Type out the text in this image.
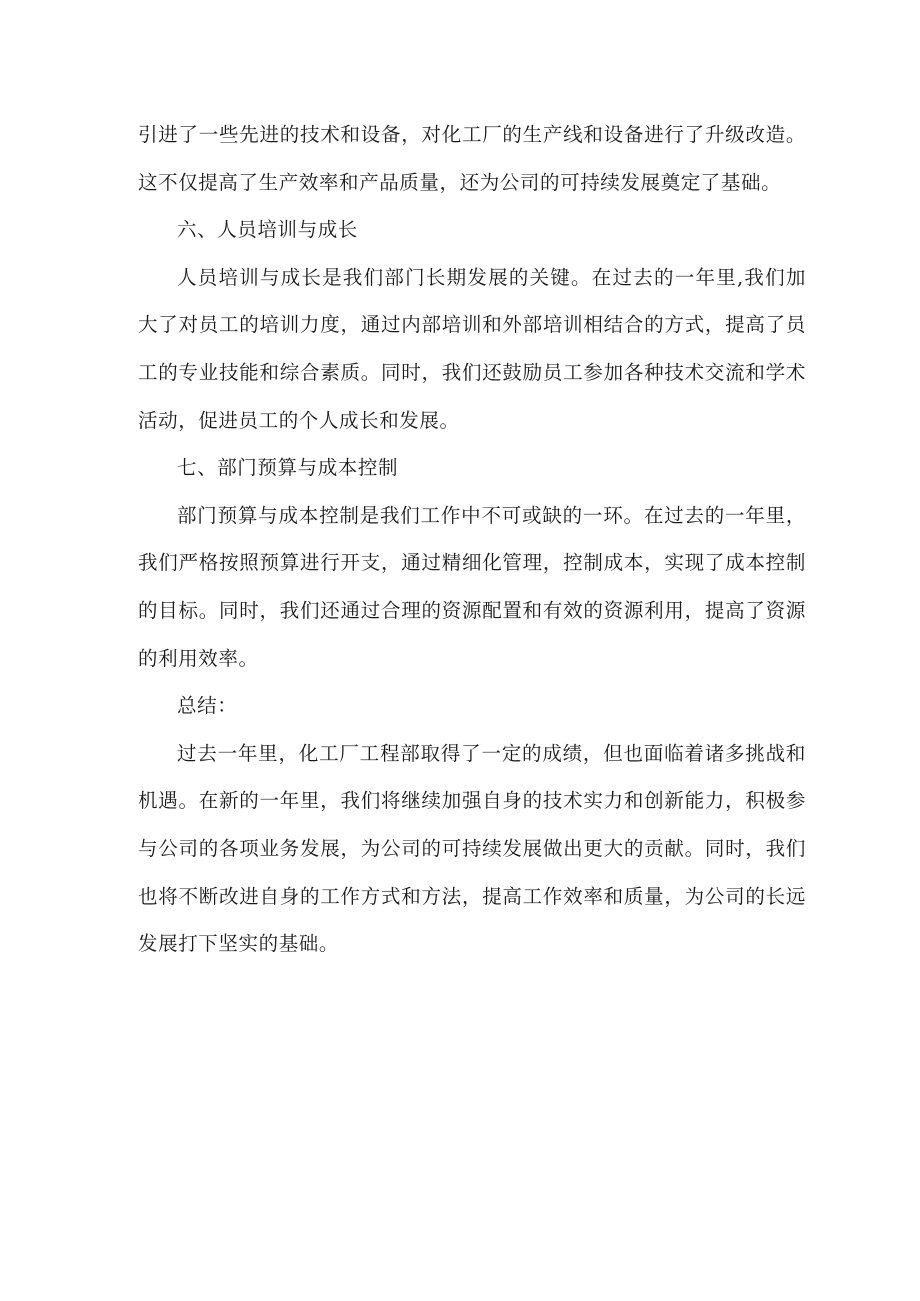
引进了一些先进的技术和设备，对化工厂的生产线和设备进行了升级改造。这不仅提高了生产效率和产品质量，还为公司的可持续发展奠定了基础。

六、人员培训与成长

人员培训与成长是我们部门长期发展的关键。在过去的一年里,我们加大了对员工的培训力度，通过内部培训和外部培训相结合的方式，提高了员工的专业技能和综合素质。同时，我们还鼓励员工参加各种技术交流和学术活动，促进员工的个人成长和发展。

七、部门预算与成本控制

部门预算与成本控制是我们工作中不可或缺的一环。在过去的一年里，我们严格按照预算进行开支，通过精细化管理，控制成本，实现了成本控制的目标。同时，我们还通过合理的资源配置和有效的资源利用，提高了资源的利用效率。

总结：

过去一年里，化工厂工程部取得了一定的成绩，但也面临着诸多挑战和机遇。在新的一年里，我们将继续加强自身的技术实力和创新能力，积极参与公司的各项业务发展，为公司的可持续发展做出更大的贡献。同时，我们也将不断改进自身的工作方式和方法，提高工作效率和质量，为公司的长远发展打下坚实的基础。
